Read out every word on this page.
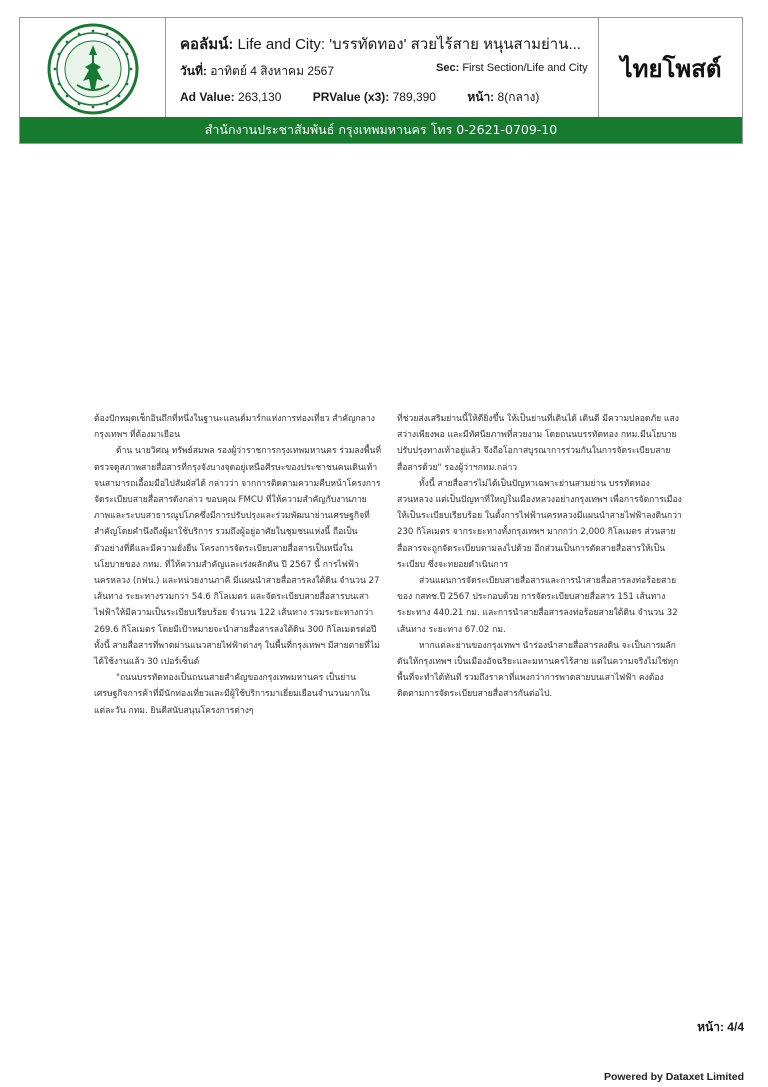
คอลัมน์: Life and City: 'บรรทัดทอง' สวยไร้สาย หนุนสามย่าน...
วันที่: อาทิตย์ 4 สิงหาคม 2567	Sec: First Section/Life and City
Ad Value: 263,130	PRValue (x3): 789,390	หน้า: 8(กลาง)
ไทยโพสต์
สำนักงานประชาสัมพันธ์ กรุงเทพมหานคร โทร 0-2621-0709-10

ต้องปักหมุดเช็กอินถึกที่หนึ่งในฐานะแลนด์มาร์กแห่งการท่องเที่ยว สำคัญกลางกรุงเทพฯ ที่ต้องมาเยือน

ด้าน นายวิศณุ ทรัพย์สมพล รองผู้ว่าราชการกรุงเทพมหานคร ร่วมลงพื้นที่ตรวจดูสภาพสายสื่อสารที่กรุงจังบางจุดอยู่เหนือศีรษะของประชาชนคนเดินเท้าจนสามารถเอื้อมมือไปสัมผัสได้ กล่าวว่า จากการติดตามความคืบหน้าโครงการจัดระเบียบสายสื่อสารดังกล่าว ขอบคุณ FMCU ที่ให้ความสำคัญกับงานภายภาพและระบบสาธารณูปโภคซึ่งมีการปรับปรุงและร่วมพัฒนาย่านเศรษฐกิจที่สำคัญโดยคำนึงถึงผู้มาใช้บริการ รวมถึงผู้อยู่อาศัยในชุมชนแห่งนี้ ถือเป็นตัวอย่างที่ดีและมีความยั่งยืน โครงการจัดระเบียบสายสื่อสารเป็นหนึ่งในนโยบายของ กทม. ที่ให้ความสำคัญและเร่งผลักดัน ปี 2567 นี้ การไฟฟ้านครหลวง (กฟน.) และหน่วยงานภาคี มีแผนนำสายสื่อสารลงใต้ดิน จำนวน 27 เส้นทาง ระยะทางรวมกว่า 54.6 กิโลเมตร และจัดระเบียบสายสื่อสารบนเสาไฟฟ้าให้มีความเป็นระเบียบเรียบร้อย จำนวน 122 เส้นทาง รวมระยะทางกว่า 269.6 กิโลเมตร โดยมีเป้าหมายจะนำสายสื่อสารลงใต้ดิน 300 กิโลเมตรต่อปี ทั้งนี้ สายสื่อสารที่พาดผ่านแนวสายไฟฟ้าต่างๆ ในพื้นที่กรุงเทพฯ มีสายตายที่ไม่ได้ใช้งานแล้ว 30 เปอร์เซ็นต์

"ถนนบรรทัดทองเป็นถนนสายสำคัญของกรุงเทพมหานคร เป็นย่านเศรษฐกิจการค้าที่มีนักท่องเที่ยวและมีผู้ใช้บริการมาเยี่ยมเยือนจำนวนมากในแต่ละวัน กทม. ยินดีสนับสนุนโครงการต่างๆ

ที่ช่วยส่งเสริมย่านนี้ให้ดียิ่งขึ้น ให้เป็นย่านที่เดินได้ เดินดี มีความปลอดภัย แสงสว่างเพียงพอ และมีทัศนียภาพที่สวยงาม โดยถนนบรรทัดทอง กทม.มีนโยบายปรับปรุงทางเท้าอยู่แล้ว จึงถือโอกาสบูรณาการร่วมกันในการจัดระเบียบสายสื่อสารด้วย" รองผู้ว่าฯกทม.กล่าว

ทั้งนี้ สายสื่อสารไม่ได้เป็นปัญหาเฉพาะย่านสามย่าน บรรทัดทอง สวนหลวง แต่เป็นปัญหาที่ใหญ่ในเมืองหลวงอย่างกรุงเทพฯ เพื่อการจัดการเมืองให้เป็นระเบียบเรียบร้อย ในตั้งการไฟฟ้านครหลวงมีแผนนำสายไฟฟ้าลงดินกว่า 230 กิโลเมตร จากระยะทางทั้งกรุงเทพฯ มากกว่า 2,000 กิโลเมตร ส่วนสายสื่อสารจะถูกจัดระเบียบตามลงไปด้วย อีกส่วนเป็นการตัดสายสื่อสารให้เป็นระเบียบ ซึ่งจะทยอยดำเนินการ

ส่วนแผนการจัดระเบียบสายสื่อสารและการนำสายสื่อสารลงท่อร้อยสาย ของ กสทช.ปี 2567 ประกอบด้วย การจัดระเบียบสายสื่อสาร 151 เส้นทาง ระยะทาง 440.21 กม. และการนำสายสื่อสารลงท่อร้อยสายใต้ดิน จำนวน 32 เส้นทาง ระยะทาง 67.02 กม.

หากแต่ละย่านของกรุงเทพฯ นำร่องนำสายสื่อสารลงดิน จะเป็นการผลักดันให้กรุงเทพฯ เป็นเมืองอัจฉริยะและมหานครไร้สาย แต่ในความจริงไม่ใช่ทุกพื้นที่จะทำได้ทันที รวมถึงราคาที่แพงกว่าการพาดสายบนเสาไฟฟ้า คงต้องติดตามการจัดระเบียบสายสื่อสารกันต่อไป.

หน้า: 4/4
Powered by Dataxet Limited
